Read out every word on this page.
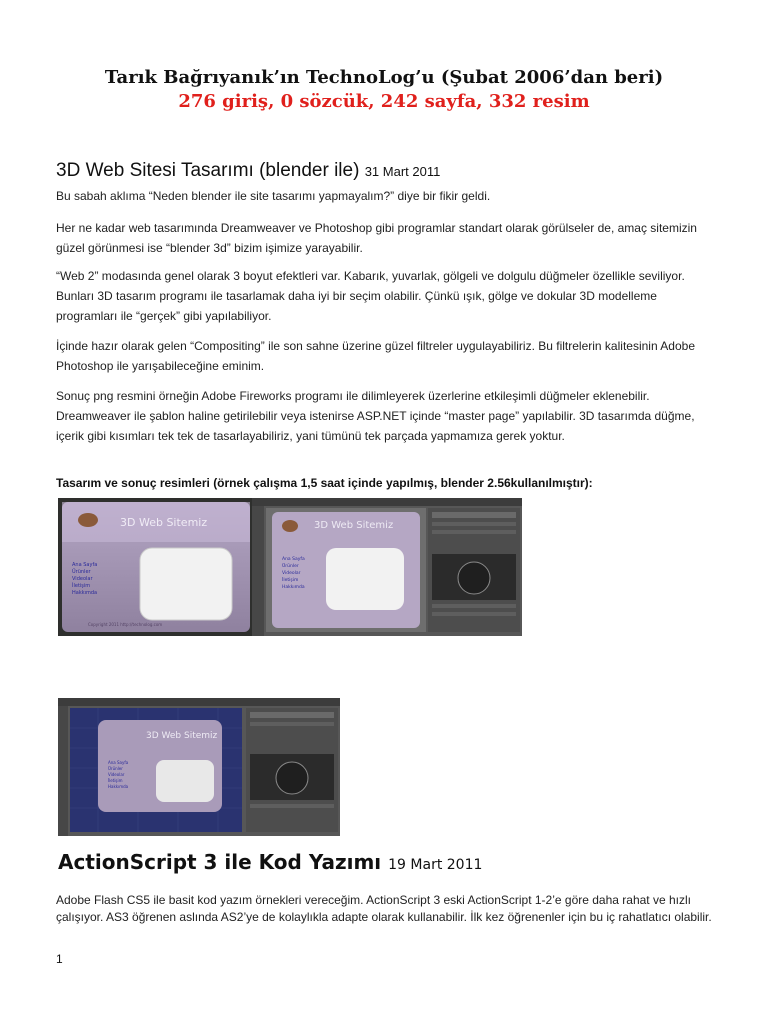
Tarık Bağrıyanık’ın TechnoLog’u (Şubat 2006’dan beri)
276 giriş, 0 sözcük, 242 sayfa, 332 resim
3D Web Sitesi Tasarımı (blender ile) 31 Mart 2011
Bu sabah aklıma “Neden blender ile site tasarımı yapmayalım?” diye bir fikir geldi.
Her ne kadar web tasarımında Dreamweaver ve Photoshop gibi programlar standart olarak görülseler de, amaç sitemizin güzel görünmesi ise “blender 3d” bizim işimize yarayabilir.
“Web 2” modasında genel olarak 3 boyut efektleri var. Kabarık, yuvarlak, gölgeli ve dolgulu düğmeler özellikle seviliyor. Bunları 3D tasarım programı ile tasarlamak daha iyi bir seçim olabilir. Çünkü ışık, gölge ve dokular 3D modelleme programları ile “gerçek” gibi yapılabiliyor.
İçinde hazır olarak gelen “Compositing” ile son sahne üzerine güzel filtreler uygulayabiliriz. Bu filtrelerin kalitesinin Adobe Photoshop ile yarışabileceğine eminim.
Sonuç png resmini örneğin Adobe Fireworks programı ile dilimleyerek üzerlerine etkileşimli düğmeler eklenebilir. Dreamweaver ile şablon haline getirilebilir veya istenirse ASP.NET içinde “master page” yapılabilir. 3D tasarımda düğme, içerik gibi kısımları tek tek de tasarlayabiliriz, yani tümünü tek parçada yapmamıza gerek yoktur.
Tasarım ve sonuç resimleri (örnek çalışma 1,5 saat içinde yapılmış, blender 2.56kullanılmıştır):
3D Web Sitemiz
Ana Sayfa
Ürünler
Videolar
İletişim
Hakkımda
Copyright 2011 http://technolog.com
3D Web Sitemiz
Ana Sayfa
Ürünler
Videolar
İletişim
Hakkımda
3D Web Sitemiz
Ana Sayfa
Ürünler
Videolar
İletişim
Hakkımda
ActionScript 3 ile Kod Yazımı 19 Mart 2011
Adobe Flash CS5 ile basit kod yazım örnekleri vereceğim. ActionScript 3 eski ActionScript 1-2’e göre daha rahat ve hızlı çalışıyor. AS3 öğrenen aslında AS2’ye de kolaylıkla adapte olarak kullanabilir. İlk kez öğrenenler için bu iç rahatlatıcı olabilir.
1
